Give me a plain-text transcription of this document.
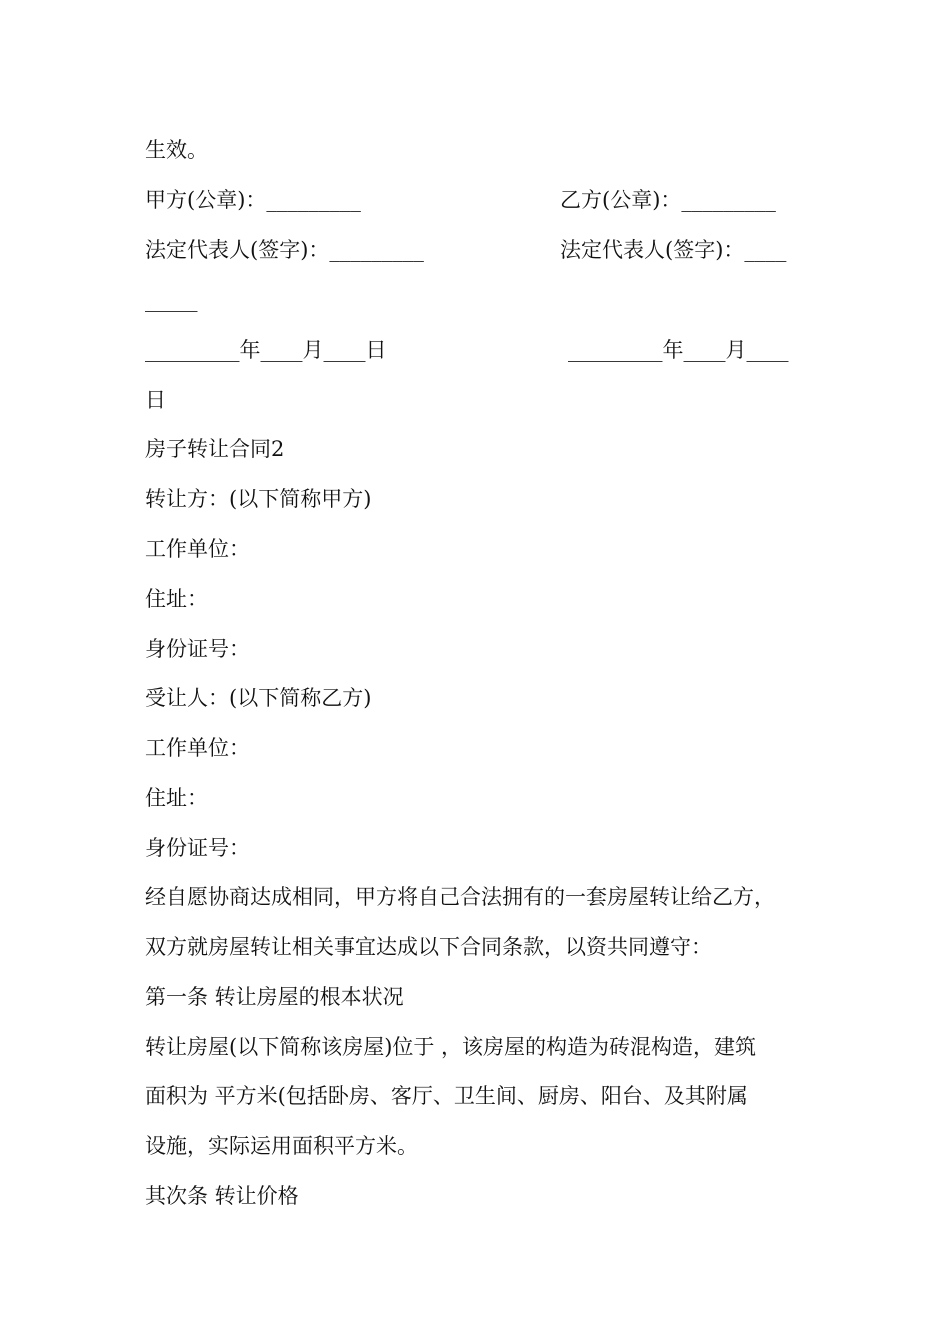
生效。

甲方(公章)：_________	乙方(公章)：_________

法定代表人(签字)：_________	法定代表人(签字)：____

_____

_________年____月____日	_________年____月____

日

房子转让合同2

转让方：(以下简称甲方)

工作单位：

住址：

身份证号：

受让人：(以下简称乙方)

工作单位：

住址：

身份证号：

经自愿协商达成相同，甲方将自己合法拥有的一套房屋转让给乙方，

双方就房屋转让相关事宜达成以下合同条款，以资共同遵守：

第一条 转让房屋的根本状况

转让房屋(以下简称该房屋)位于 ，该房屋的构造为砖混构造，建筑

面积为 平方米(包括卧房、客厅、卫生间、厨房、阳台、及其附属

设施，实际运用面积平方米。

其次条 转让价格
